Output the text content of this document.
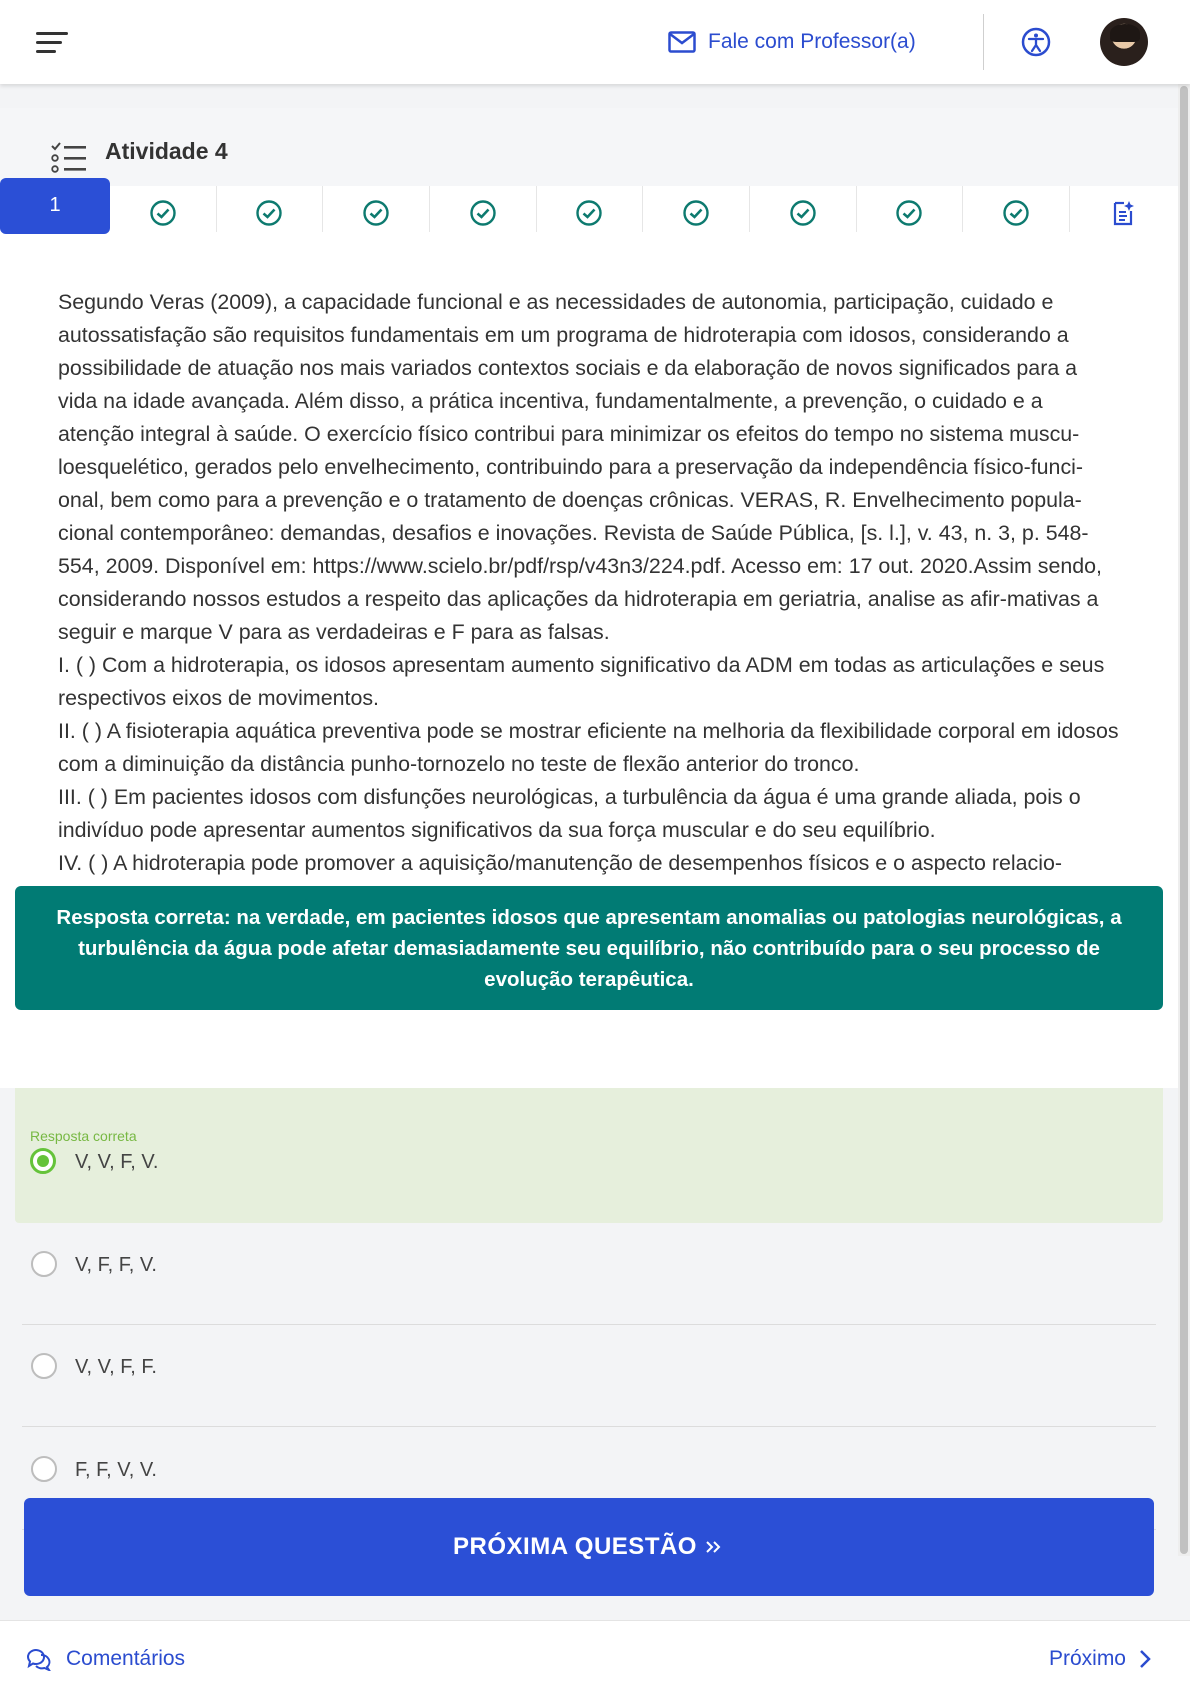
Fale com Professor(a)
Atividade 4
1

Segundo Veras (2009), a capacidade funcional e as necessidades de autonomia, participação, cuidado e autossatisfação são requisitos fundamentais em um programa de hidroterapia com idosos, considerando a possibilidade de atuação nos mais variados contextos sociais e da elaboração de novos significados para a vida na idade avançada. Além disso, a prática incentiva, fundamentalmente, a prevenção, o cuidado e a atenção integral à saúde. O exercício físico contribui para minimizar os efeitos do tempo no sistema muscu-loesquelético, gerados pelo envelhecimento, contribuindo para a preservação da independência físico-funci-onal, bem como para a prevenção e o tratamento de doenças crônicas. VERAS, R. Envelhecimento popula-cional contemporâneo: demandas, desafios e inovações. Revista de Saúde Pública, [s. l.], v. 43, n. 3, p. 548-554, 2009. Disponível em: https://www.scielo.br/pdf/rsp/v43n3/224.pdf. Acesso em: 17 out. 2020.Assim sendo, considerando nossos estudos a respeito das aplicações da hidroterapia em geriatria, analise as afir-mativas a seguir e marque V para as verdadeiras e F para as falsas.

I. ( ) Com a hidroterapia, os idosos apresentam aumento significativo da ADM em todas as articulações e seus respectivos eixos de movimentos.

II. ( ) A fisioterapia aquática preventiva pode se mostrar eficiente na melhoria da flexibilidade corporal em idosos com a diminuição da distância punho-tornozelo no teste de flexão anterior do tronco.

III. ( ) Em pacientes idosos com disfunções neurológicas, a turbulência da água é uma grande aliada, pois o indivíduo pode apresentar aumentos significativos da sua força muscular e do seu equilíbrio.

IV. ( ) A hidroterapia pode promover a aquisição/manutenção de desempenhos físicos e o aspecto relacio-

Resposta correta
V, V, F, V.
V, F, F, V.
V, V, F, F.
F, F, V, V.
Resposta correta: na verdade, em pacientes idosos que apresentam anomalias ou patologias neurológicas, a turbulência da água pode afetar demasiadamente seu equilíbrio, não contribuído para o seu processo de evolução terapêutica.
PRÓXIMA QUESTÃO
Comentários	Próximo
